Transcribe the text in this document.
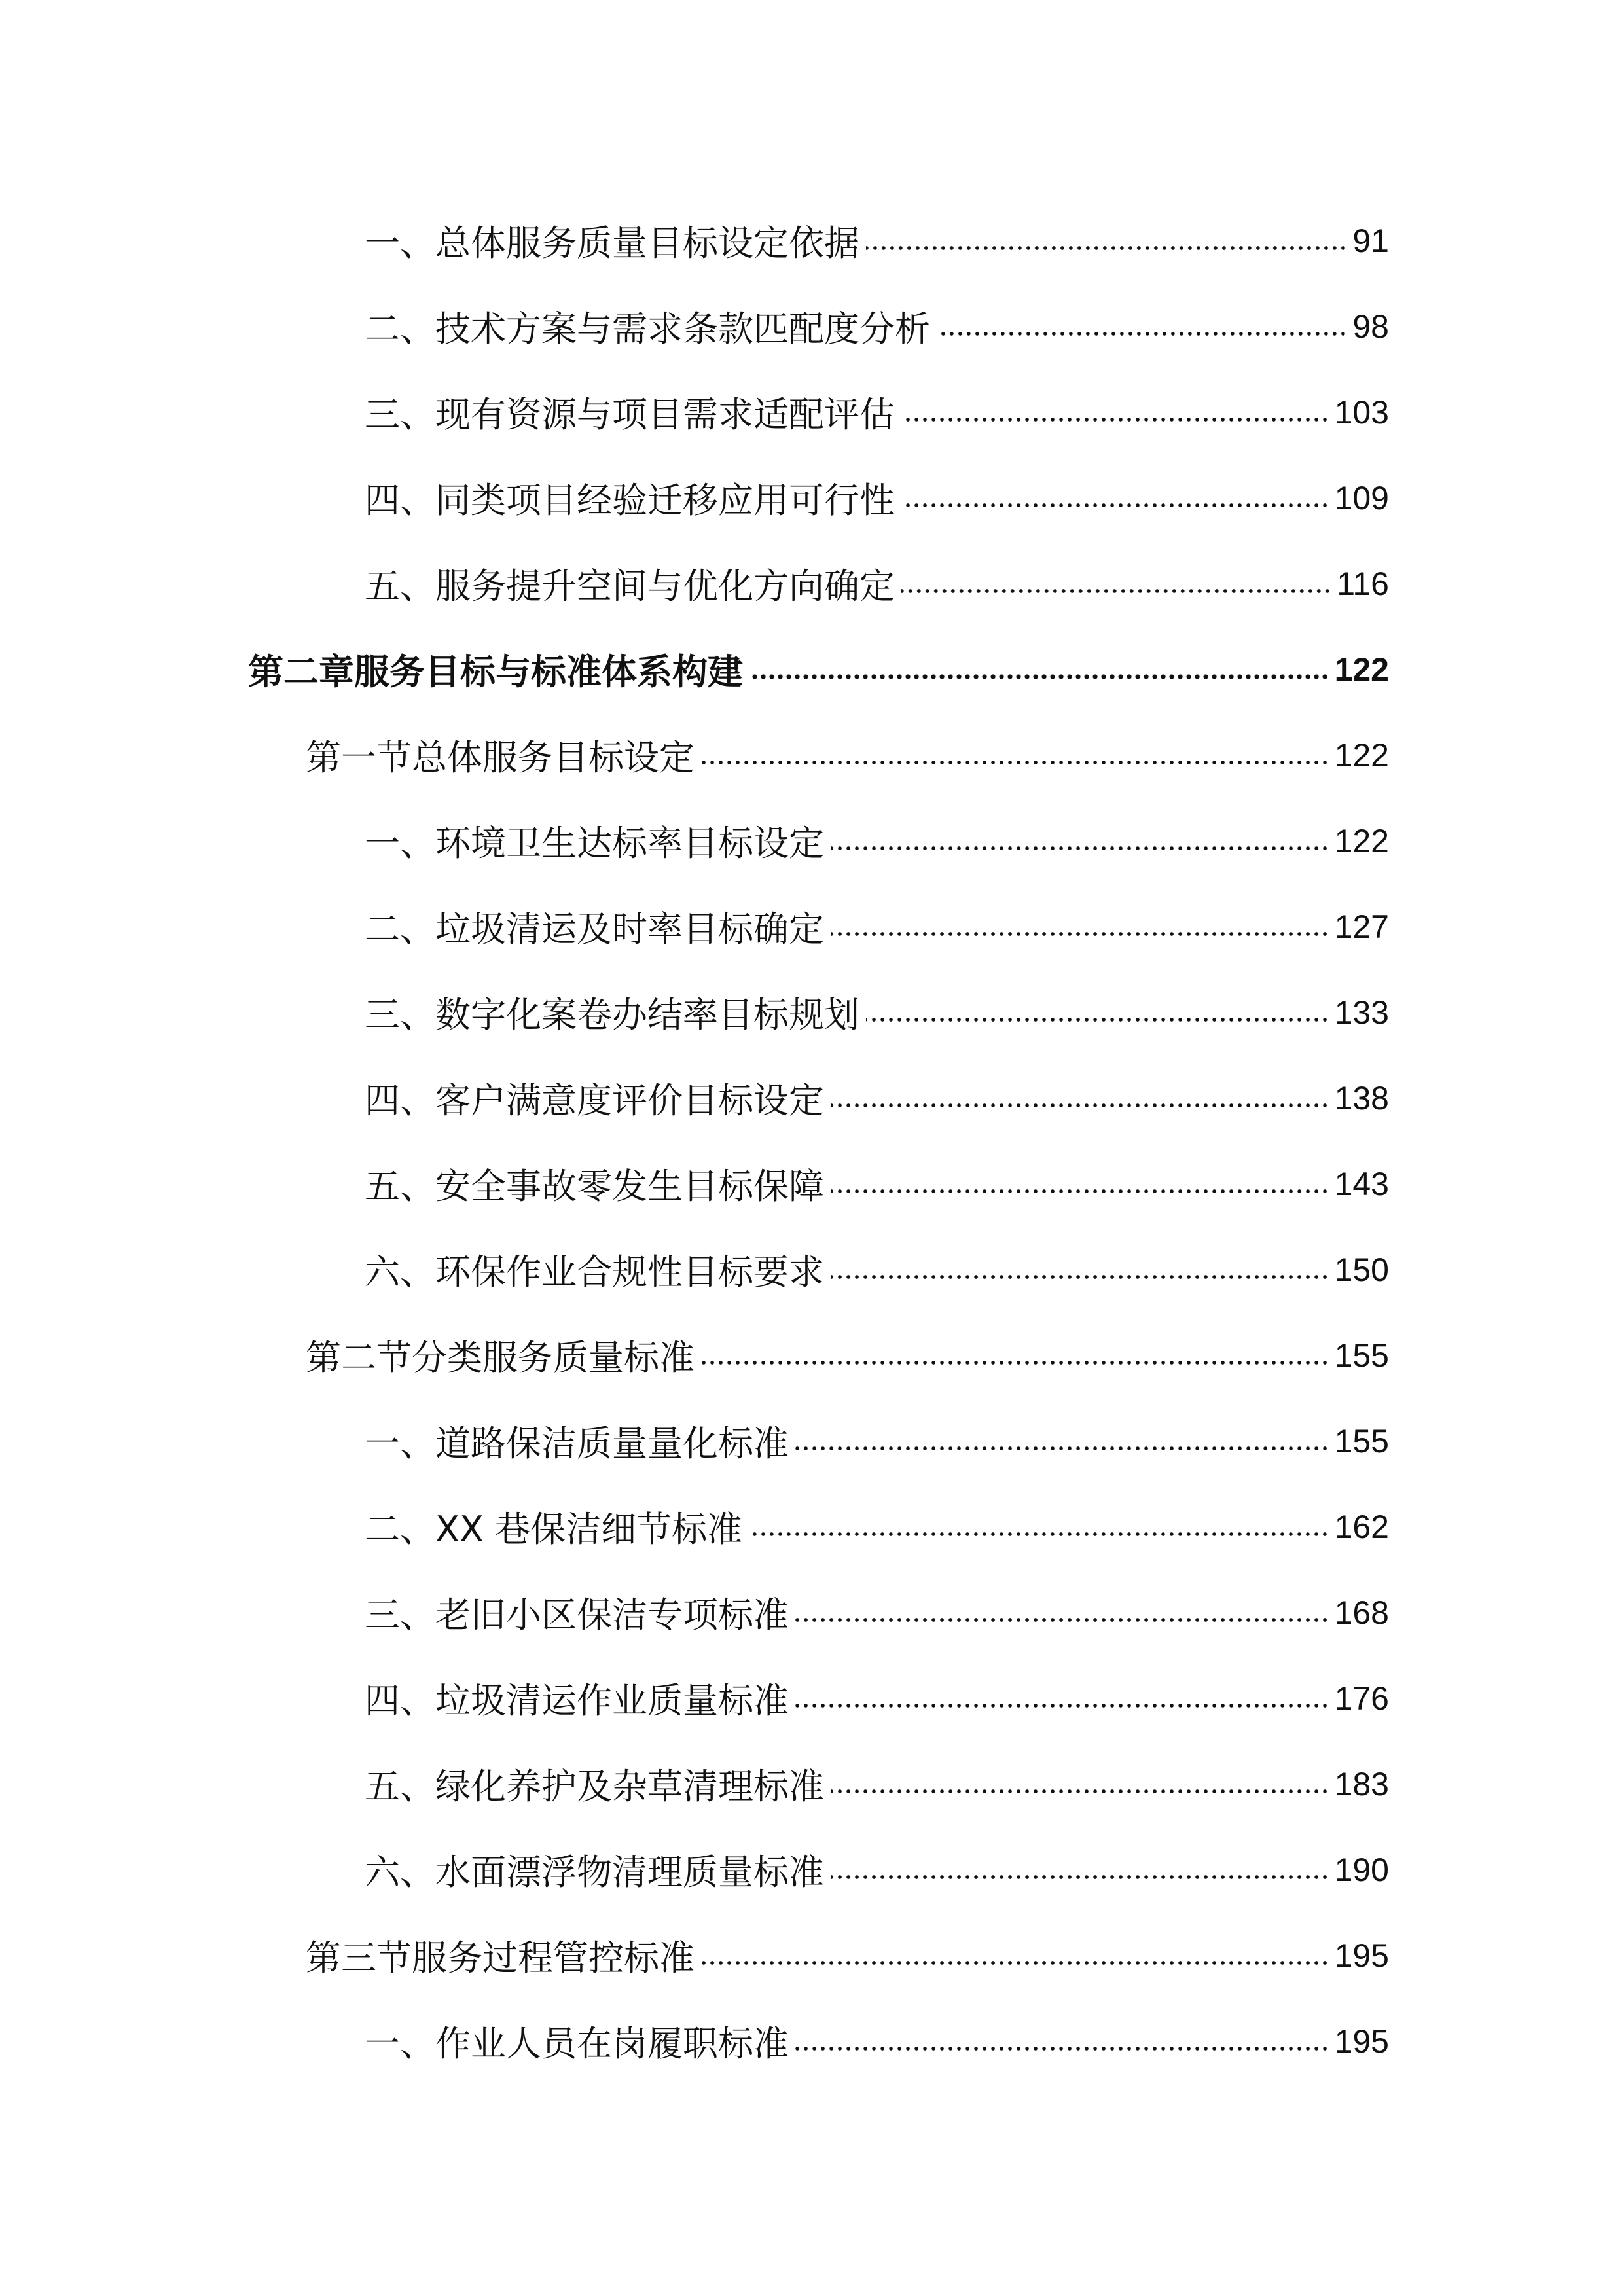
一、总体服务质量目标设定依据	91
二、技术方案与需求条款匹配度分析	98
三、现有资源与项目需求适配评估	103
四、同类项目经验迁移应用可行性	109
五、服务提升空间与优化方向确定	116
第二章服务目标与标准体系构建	122
第一节总体服务目标设定	122
一、环境卫生达标率目标设定	122
二、垃圾清运及时率目标确定	127
三、数字化案卷办结率目标规划	133
四、客户满意度评价目标设定	138
五、安全事故零发生目标保障	143
六、环保作业合规性目标要求	150
第二节分类服务质量标准	155
一、道路保洁质量量化标准	155
二、XX 巷保洁细节标准	162
三、老旧小区保洁专项标准	168
四、垃圾清运作业质量标准	176
五、绿化养护及杂草清理标准	183
六、水面漂浮物清理质量标准	190
第三节服务过程管控标准	195
一、作业人员在岗履职标准	195
